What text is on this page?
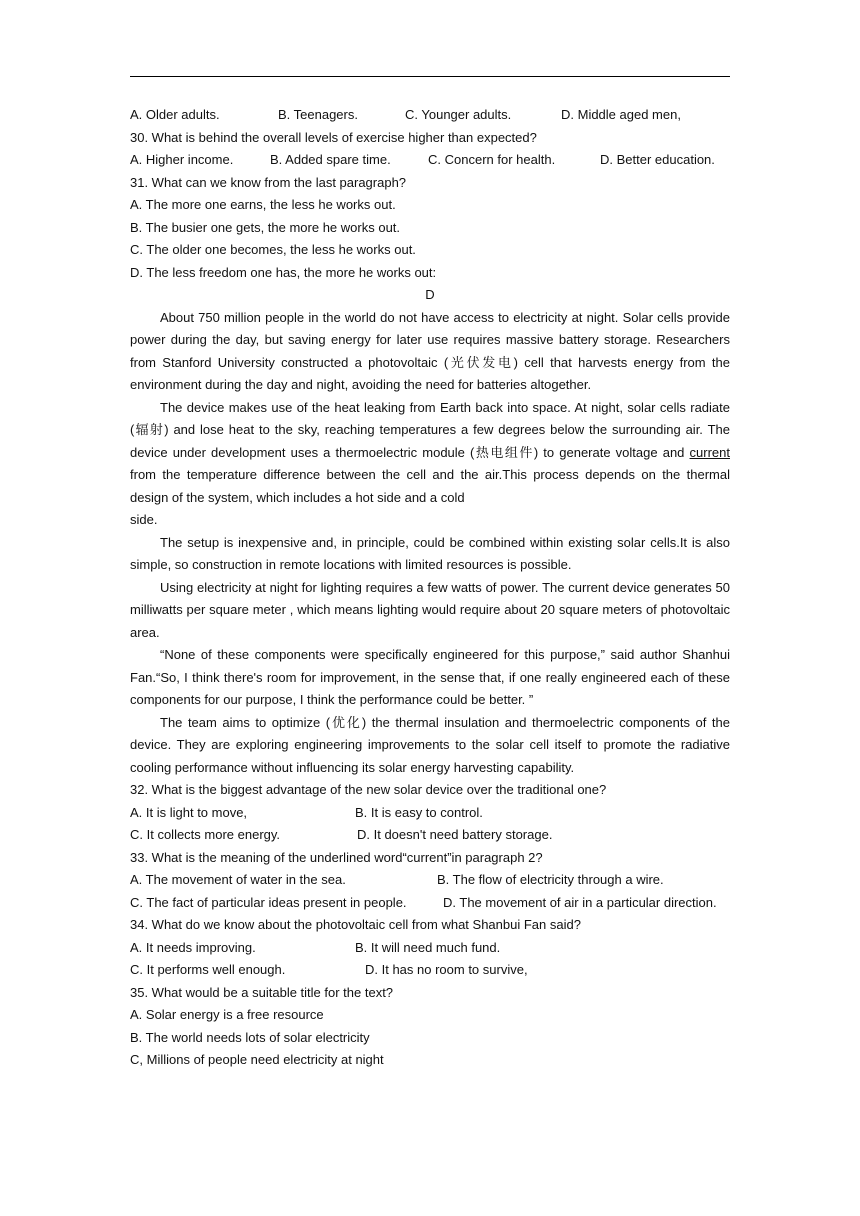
A. Older adults.	B. Teenagers.	C. Younger adults.	D. Middle aged men,
30. What is behind the overall levels of exercise higher than expected?
A. Higher income.	B. Added spare time.	C. Concern for health.	D. Better education.
31. What can we know from the last paragraph?
A. The more one earns, the less he works out.
B. The busier one gets, the more he works out.
C. The older one becomes, the less he works out.
D. The less freedom one has, the more he works out:
D

About 750 million people in the world do not have access to electricity at night. Solar cells provide power during the day, but saving energy for later use requires massive battery storage. Researchers from Stanford University constructed a photovoltaic (光伏发电) cell that harvests energy from the environment during the day and night, avoiding the need for batteries altogether.

The device makes use of the heat leaking from Earth back into space. At night, solar cells radiate (辐射) and lose heat to the sky, reaching temperatures a few degrees below the surrounding air. The device under development uses a thermoelectric module (热电组件) to generate voltage and current from the temperature difference between the cell and the air.This process depends on the thermal design of the system, which includes a hot side and a cold

side.

The setup is inexpensive and, in principle, could be combined within existing solar cells.It is also simple, so construction in remote locations with limited resources is possible.

Using electricity at night for lighting requires a few watts of power. The current device generates 50 milliwatts per square meter , which means lighting would require about 20 square meters of photovoltaic area.

“None of these components were specifically engineered for this purpose,” said author Shanhui Fan.“So, I think there's room for improvement, in the sense that, if one really engineered each of these components for our purpose, I think the performance could be better. ”

The team aims to optimize (优化) the thermal insulation and thermoelectric components of the device. They are exploring engineering improvements to the solar cell itself to promote the radiative cooling performance without influencing its solar energy harvesting capability.

32. What is the biggest advantage of the new solar device over the traditional one?
A. It is light to move,	B. It is easy to control.
C. It collects more energy.	D. It doesn't need battery storage.
33. What is the meaning of the underlined word“current”in paragraph 2?
A. The movement of water in the sea.	B. The flow of electricity through a wire.
C. The fact of particular ideas present in people.	D. The movement of air in a particular direction.
34. What do we know about the photovoltaic cell from what Shanbui Fan said?
A. It needs improving.	B. It will need much fund.
C. It performs well enough.	D. It has no room to survive,
35. What would be a suitable title for the text?
A. Solar energy is a free resource
B. The world needs lots of solar electricity
C, Millions of people need electricity at night
